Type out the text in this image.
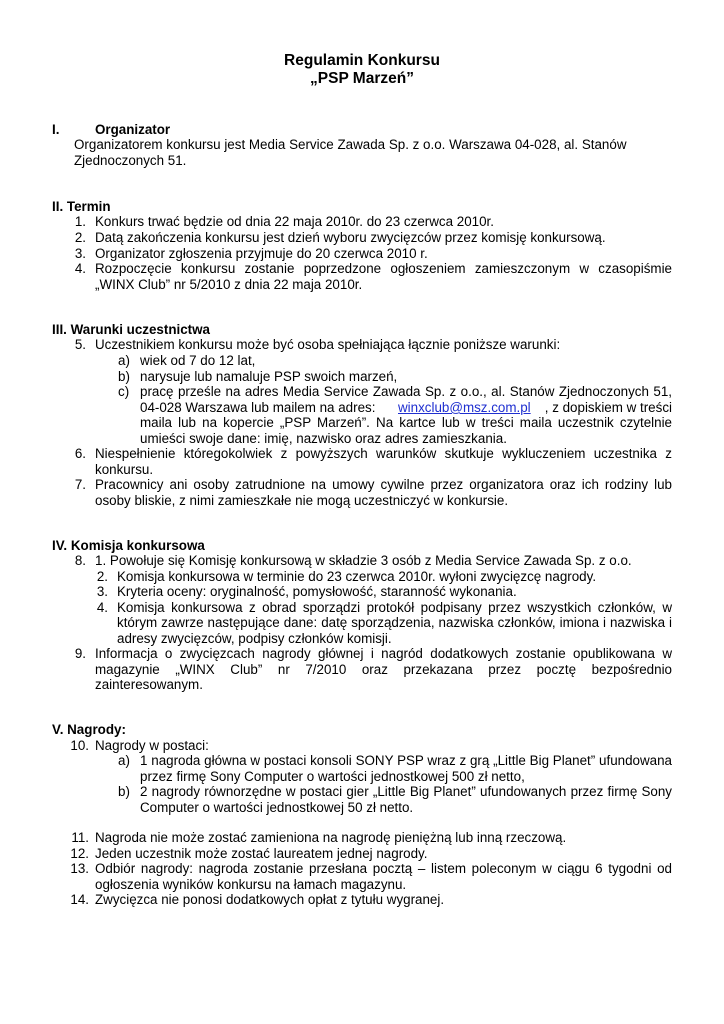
Regulamin Konkursu
„PSP Marzeń”
I.	Organizator
Organizatorem konkursu jest Media Service Zawada Sp. z o.o. Warszawa 04-028, al. Stanów
Zjednoczonych 51.
II. Termin
1. Konkurs trwać będzie od dnia 22 maja 2010r. do 23 czerwca 2010r.
2. Datą zakończenia konkursu jest dzień wyboru zwycięzców przez komisję konkursową.
3. Organizator zgłoszenia przyjmuje do 20 czerwca 2010 r.
4. Rozpoczęcie konkursu zostanie poprzedzone ogłoszeniem zamieszczonym w czasopiśmie
„WINX Club” nr 5/2010 z dnia 22 maja 2010r.
III. Warunki uczestnictwa
5. Uczestnikiem konkursu może być osoba spełniająca łącznie poniższe warunki:
a) wiek od 7 do 12 lat,
b) narysuje lub namaluje PSP swoich marzeń,
c) pracę prześle na adres Media Service Zawada Sp. z o.o., al. Stanów Zjednoczonych 51,
04-028 Warszawa lub mailem na adres: winxclub@msz.com.pl	, z dopiskiem w treści
maila lub na kopercie „PSP Marzeń”. Na kartce lub w treści maila uczestnik czytelnie
umieści swoje dane: imię, nazwisko oraz adres zamieszkania.
6. Niespełnienie któregokolwiek z powyższych warunków skutkuje wykluczeniem uczestnika z
konkursu.
7. Pracownicy ani osoby zatrudnione na umowy cywilne przez organizatora oraz ich rodziny lub
osoby bliskie, z nimi zamieszkałe nie mogą uczestniczyć w konkursie.
IV. Komisja konkursowa
8. 1. Powołuje się Komisję konkursową w składzie 3 osób z Media Service Zawada Sp. z o.o.
2. Komisja konkursowa w terminie do 23 czerwca 2010r. wyłoni zwycięzcę nagrody.
3. Kryteria oceny: oryginalność, pomysłowość, staranność wykonania.
4. Komisja konkursowa z obrad sporządzi protokół podpisany przez wszystkich członków, w
którym zawrze następujące dane: datę sporządzenia, nazwiska członków, imiona i nazwiska i
adresy zwycięzców, podpisy członków komisji.
9. Informacja o zwycięzcach nagrody głównej i nagród dodatkowych zostanie opublikowana w
magazynie „WINX Club” nr 7/2010 oraz przekazana przez pocztę bezpośrednio
zainteresowanym.
V. Nagrody:
10. Nagrody w postaci:
a) 1 nagroda główna w postaci konsoli SONY PSP wraz z grą „Little Big Planet” ufundowana
przez firmę Sony Computer o wartości jednostkowej 500 zł netto,
b) 2 nagrody równorzędne w postaci gier „Little Big Planet” ufundowanych przez firmę Sony
Computer o wartości jednostkowej 50 zł netto.
11. Nagroda nie może zostać zamieniona na nagrodę pieniężną lub inną rzeczową.
12. Jeden uczestnik może zostać laureatem jednej nagrody.
13. Odbiór nagrody: nagroda zostanie przesłana pocztą – listem poleconym w ciągu 6 tygodni od
ogłoszenia wyników konkursu na łamach magazynu.
14. Zwycięzca nie ponosi dodatkowych opłat z tytułu wygranej.
